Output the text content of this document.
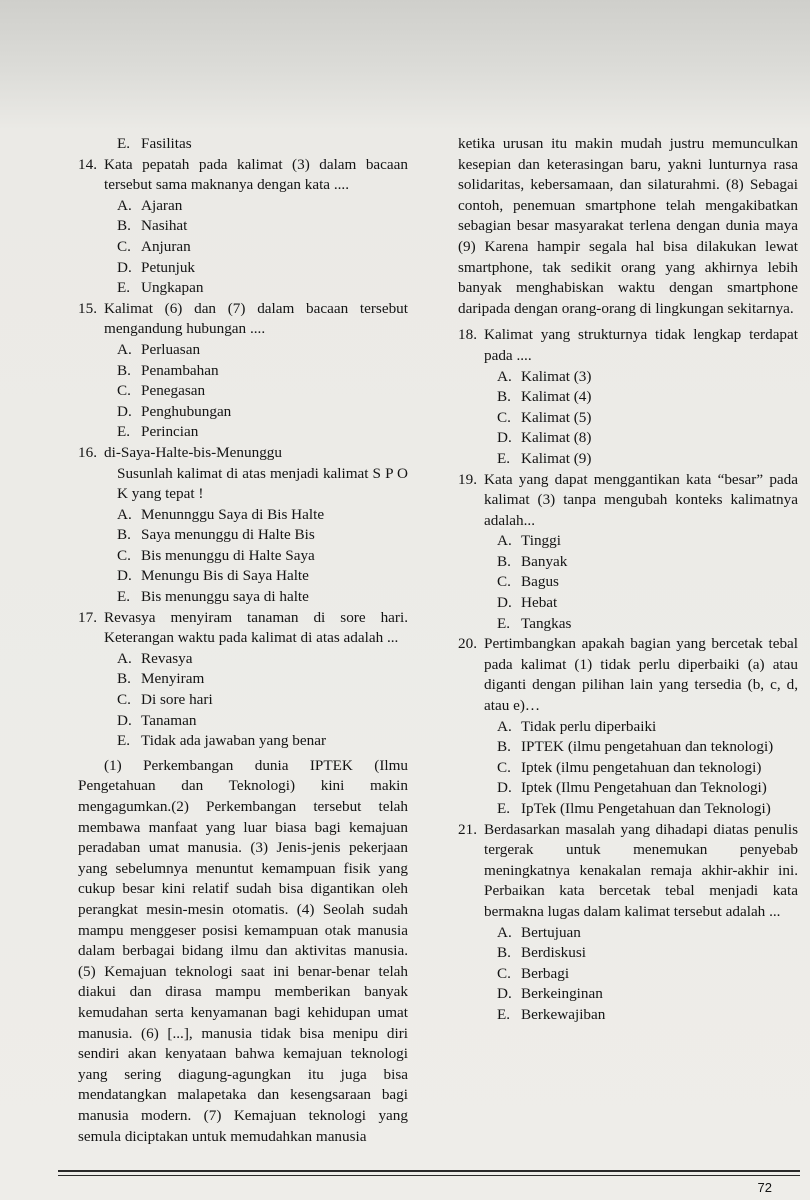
E. Fasilitas
14. Kata pepatah pada kalimat (3) dalam bacaan tersebut sama maknanya dengan kata ....
A. Ajaran
B. Nasihat
C. Anjuran
D. Petunjuk
E. Ungkapan
15. Kalimat (6) dan (7) dalam bacaan tersebut mengandung hubungan ....
A. Perluasan
B. Penambahan
C. Penegasan
D. Penghubungan
E. Perincian
16. di-Saya-Halte-bis-Menunggu
Susunlah kalimat di atas menjadi kalimat S P O K yang tepat !
A. Menunnggu Saya di Bis Halte
B. Saya menunggu di Halte Bis
C. Bis menunggu di Halte Saya
D. Menungu Bis di Saya Halte
E. Bis menunggu saya di halte
17. Revasya menyiram tanaman di sore hari. Keterangan waktu pada kalimat di atas adalah ...
A. Revasya
B. Menyiram
C. Di sore hari
D. Tanaman
E. Tidak ada jawaban yang benar
(1) Perkembangan dunia IPTEK (Ilmu Pengetahuan dan Teknologi) kini makin mengagumkan.(2) Perkembangan tersebut telah membawa manfaat yang luar biasa bagi kemajuan peradaban umat manusia. (3) Jenis-jenis pekerjaan yang sebelumnya menuntut kemampuan fisik yang cukup besar kini relatif sudah bisa digantikan oleh perangkat mesin-mesin otomatis. (4) Seolah sudah mampu menggeser posisi kemampuan otak manusia dalam berbagai bidang ilmu dan aktivitas manusia. (5) Kemajuan teknologi saat ini benar-benar telah diakui dan dirasa mampu memberikan banyak kemudahan serta kenyamanan bagi kehidupan umat manusia. (6) [...], manusia tidak bisa menipu diri sendiri akan kenyataan bahwa kemajuan teknologi yang sering diagung-agungkan itu juga bisa mendatangkan malapetaka dan kesengsaraan bagi manusia modern. (7) Kemajuan teknologi yang semula diciptakan untuk memudahkan manusia
ketika urusan itu makin mudah justru memunculkan kesepian dan keterasingan baru, yakni lunturnya rasa solidaritas, kebersamaan, dan silaturahmi. (8) Sebagai contoh, penemuan smartphone telah mengakibatkan sebagian besar masyarakat terlena dengan dunia maya (9) Karena hampir segala hal bisa dilakukan lewat smartphone, tak sedikit orang yang akhirnya lebih banyak menghabiskan waktu dengan smartphone daripada dengan orang-orang di lingkungan sekitarnya.
18. Kalimat yang strukturnya tidak lengkap terdapat pada ....
A. Kalimat (3)
B. Kalimat (4)
C. Kalimat (5)
D. Kalimat (8)
E. Kalimat (9)
19. Kata yang dapat menggantikan kata “besar” pada kalimat (3) tanpa mengubah konteks kalimatnya adalah...
A. Tinggi
B. Banyak
C. Bagus
D. Hebat
E. Tangkas
20. Pertimbangkan apakah bagian yang bercetak tebal pada kalimat (1) tidak perlu diperbaiki (a) atau diganti dengan pilihan lain yang tersedia (b, c, d, atau e)…
A. Tidak perlu diperbaiki
B. IPTEK (ilmu pengetahuan dan teknologi)
C. Iptek (ilmu pengetahuan dan teknologi)
D. Iptek (Ilmu Pengetahuan dan Teknologi)
E. IpTek (Ilmu Pengetahuan dan Teknologi)
21. Berdasarkan masalah yang dihadapi diatas penulis tergerak untuk menemukan penyebab meningkatnya kenakalan remaja akhir-akhir ini. Perbaikan kata bercetak tebal menjadi kata bermakna lugas dalam kalimat tersebut adalah ...
A. Bertujuan
B. Berdiskusi
C. Berbagi
D. Berkeinginan
E. Berkewajiban
72
